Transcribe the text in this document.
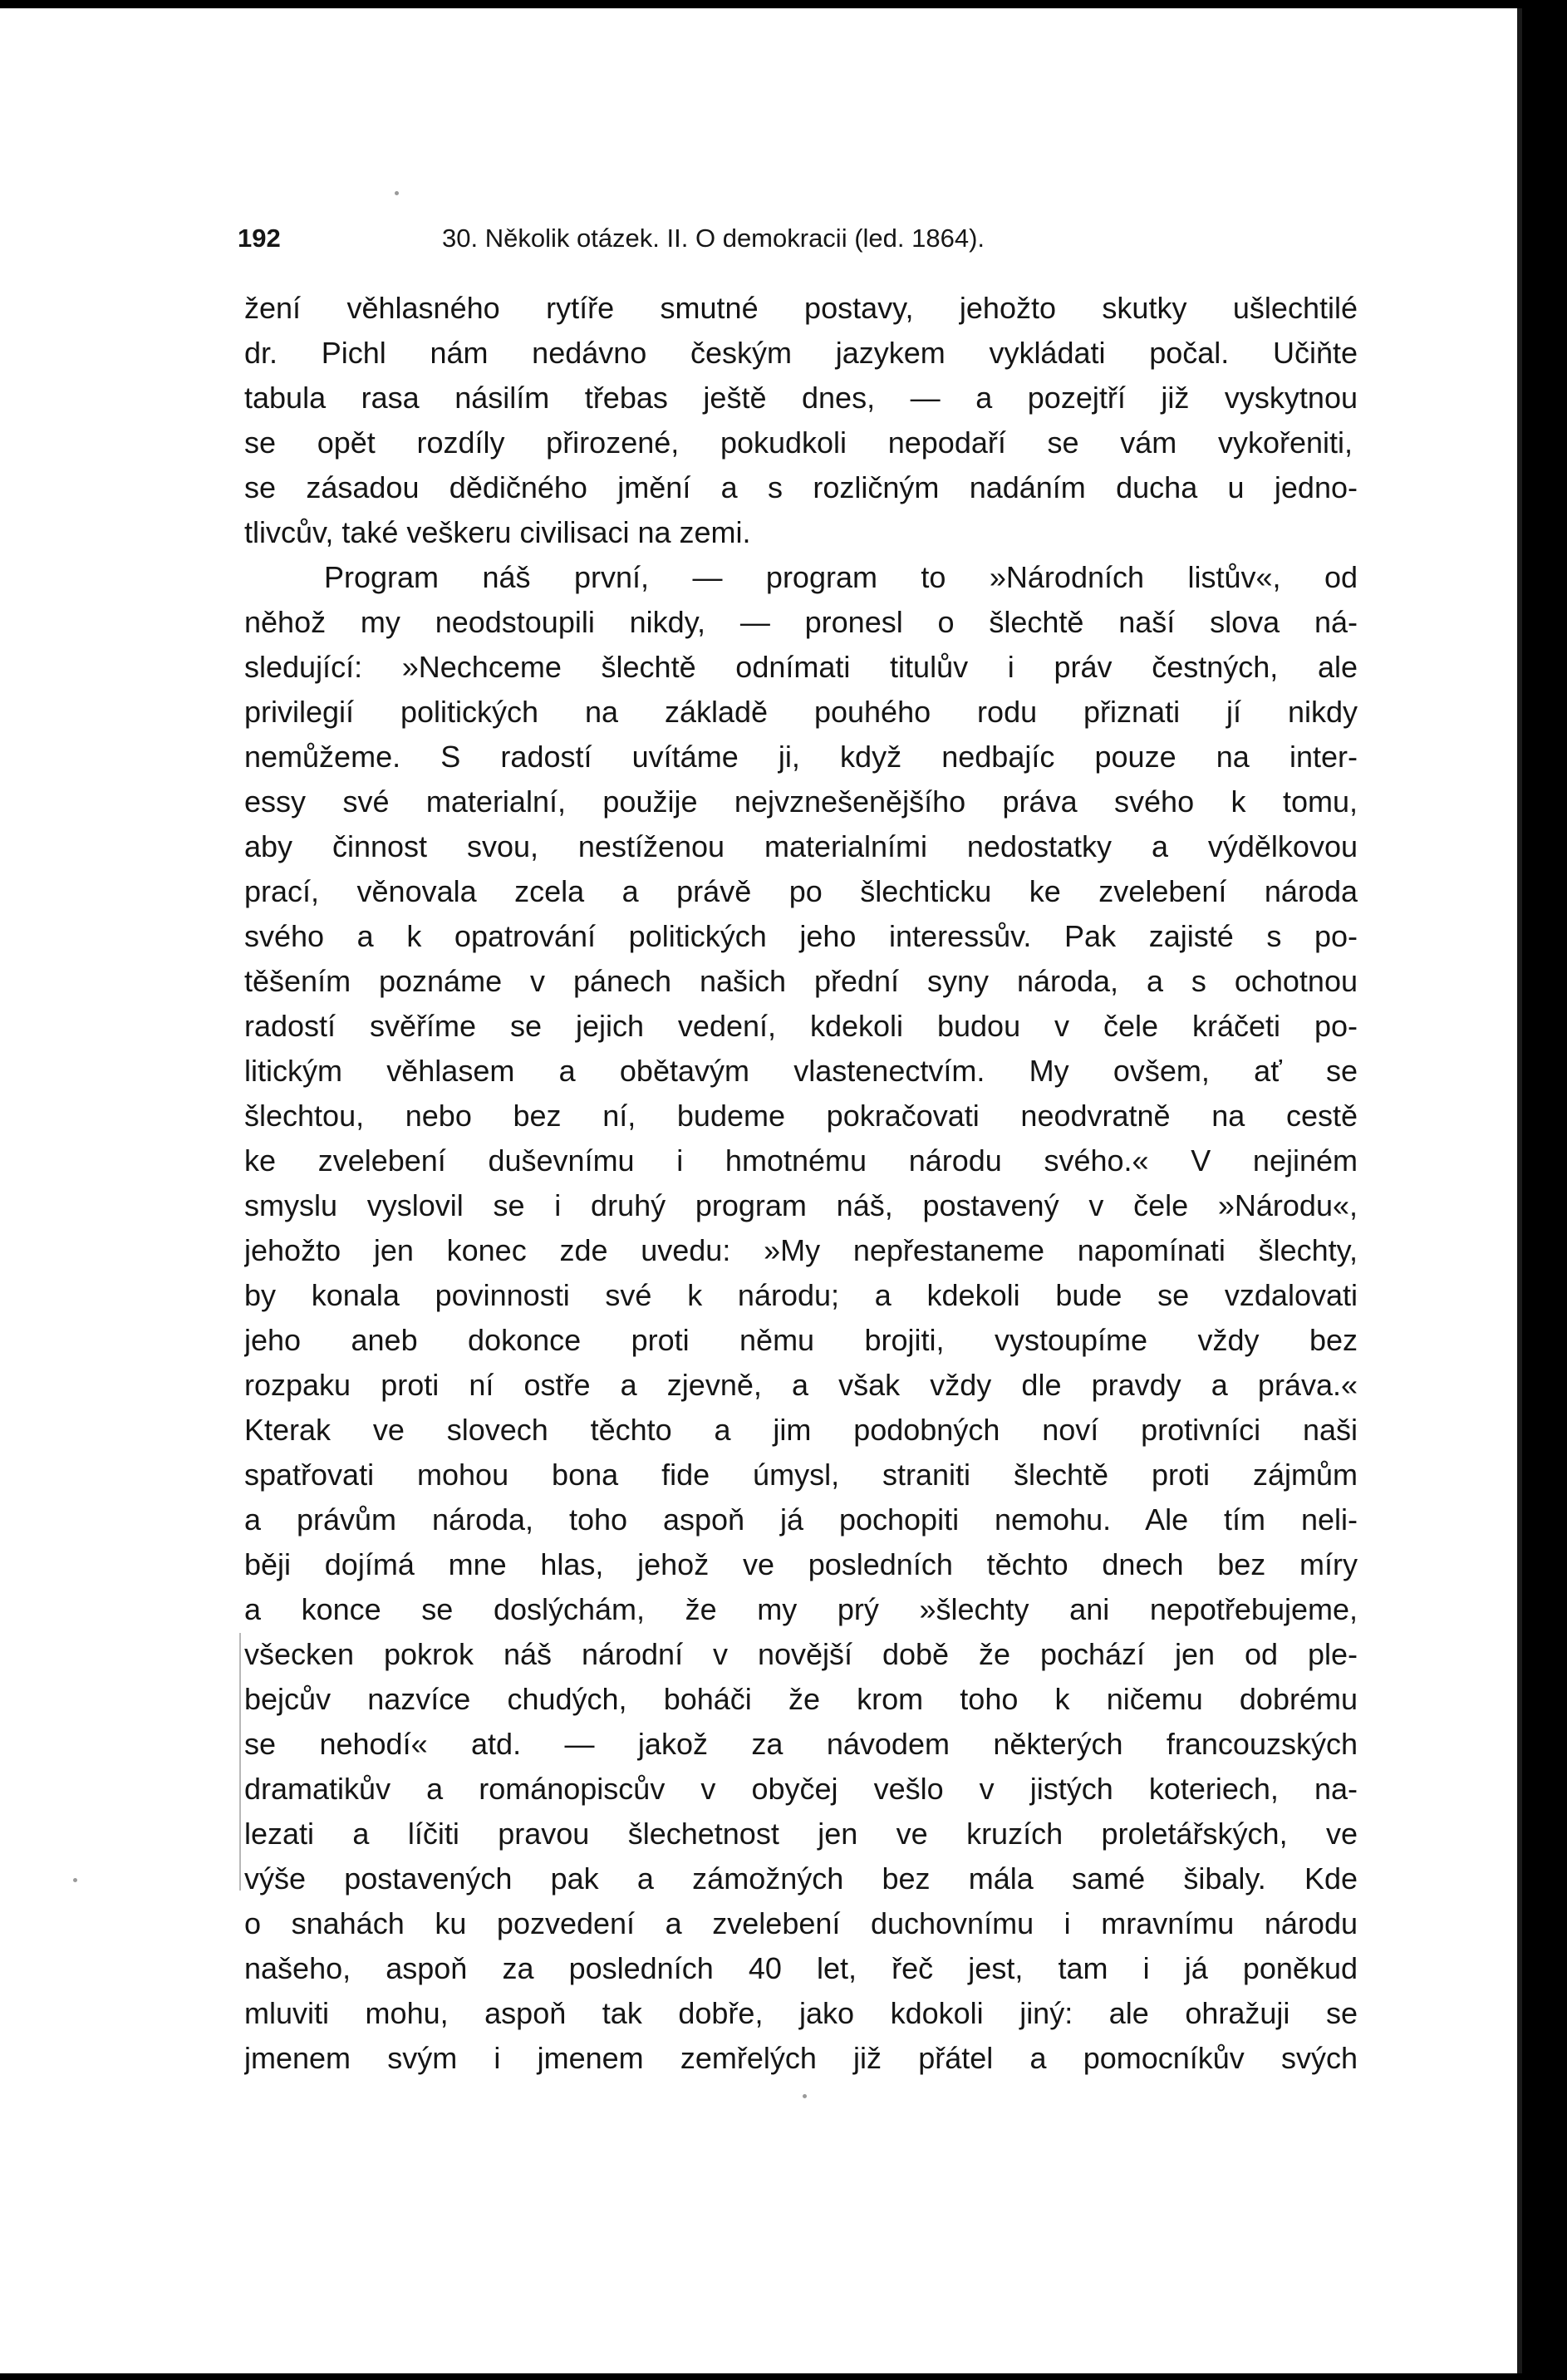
192	30. Několik otázek. II. O demokracii (led. 1864).
žení věhlasného rytíře smutné postavy, jehožto skutky ušlechtilé
dr. Pichl nám nedávno českým jazykem vykládati počal. Učiňte
tabula rasa násilím třebas ještě dnes, — a pozejtří již vyskytnou
se opět rozdíly přirozené, pokudkoli nepodaří se vám vykořeniti,
se zásadou dědičného jmění a s rozličným nadáním ducha u jedno-
tlivcův, také veškeru civilisaci na zemi.
Program náš první, — program to »Národních listův«, od
něhož my neodstoupili nikdy, — pronesl o šlechtě naší slova ná-
sledující: »Nechceme šlechtě odnímati titulův i práv čestných, ale
privilegií politických na základě pouhého rodu přiznati jí nikdy
nemůžeme. S radostí uvítáme ji, když nedbajíc pouze na inter-
essy své materialní, použije nejvznešenějšího práva svého k tomu,
aby činnost svou, nestíženou materialními nedostatky a výdělkovou
prací, věnovala zcela a právě po šlechticku ke zvelebení národa
svého a k opatrování politických jeho interessův. Pak zajisté s po-
těšením poznáme v pánech našich přední syny národa, a s ochotnou
radostí svěříme se jejich vedení, kdekoli budou v čele kráčeti po-
litickým věhlasem a obětavým vlastenectvím. My ovšem, ať se
šlechtou, nebo bez ní, budeme pokračovati neodvratně na cestě
ke zvelebení duševnímu i hmotnému národu svého.« V nejiném
smyslu vyslovil se i druhý program náš, postavený v čele »Národu«,
jehožto jen konec zde uvedu: »My nepřestaneme napomínati šlechty,
by konala povinnosti své k národu; a kdekoli bude se vzdalovati
jeho aneb dokonce proti němu brojiti, vystoupíme vždy bez
rozpaku proti ní ostře a zjevně, a však vždy dle pravdy a práva.«
Kterak ve slovech těchto a jim podobných noví protivníci naši
spatřovati mohou bona fide úmysl, straniti šlechtě proti zájmům
a právům národa, toho aspoň já pochopiti nemohu. Ale tím neli-
běji dojímá mne hlas, jehož ve posledních těchto dnech bez míry
a konce se doslýchám, že my prý »šlechty ani nepotřebujeme,
všecken pokrok náš národní v novější době že pochází jen od ple-
bejcův nazvíce chudých, boháči že krom toho k ničemu dobrému
se nehodí« atd. — jakož za návodem některých francouzských
dramatikův a románopiscův v obyčej vešlo v jistých koteriech, na-
lezati a líčiti pravou šlechetnost jen ve kruzích proletářských, ve
výše postavených pak a zámožných bez mála samé šibaly. Kde
o snahách ku pozvedení a zvelebení duchovnímu i mravnímu národu
našeho, aspoň za posledních 40 let, řeč jest, tam i já poněkud
mluviti mohu, aspoň tak dobře, jako kdokoli jiný: ale ohražuji se
jmenem svým i jmenem zemřelých již přátel a pomocníkův svých
